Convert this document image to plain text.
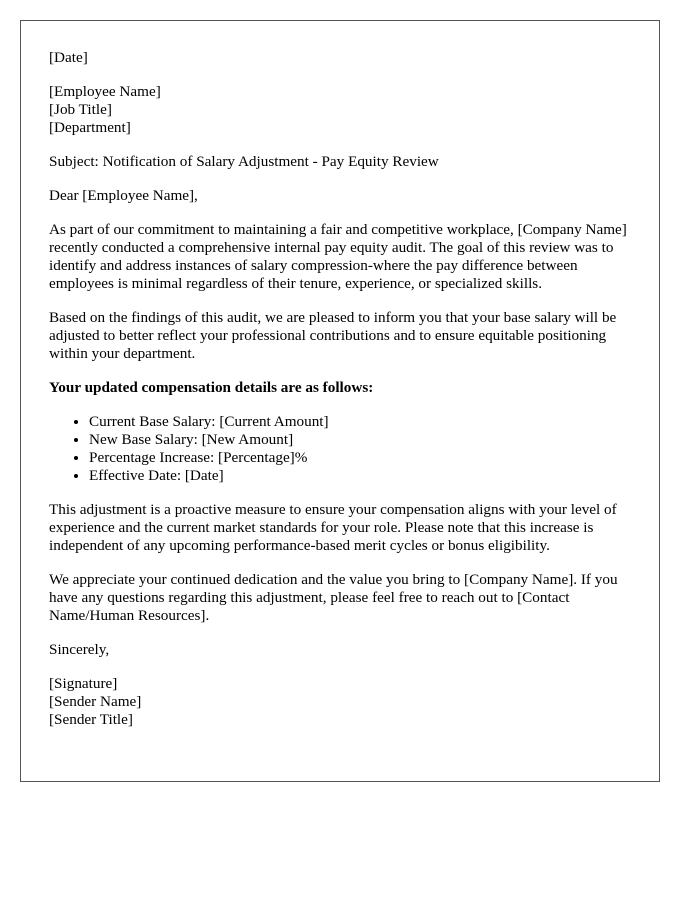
[Date]
[Employee Name]
[Job Title]
[Department]
Subject: Notification of Salary Adjustment - Pay Equity Review
Dear [Employee Name],

As part of our commitment to maintaining a fair and competitive workplace, [Company Name] recently conducted a comprehensive internal pay equity audit. The goal of this review was to identify and address instances of salary compression-where the pay difference between employees is minimal regardless of their tenure, experience, or specialized skills.

Based on the findings of this audit, we are pleased to inform you that your base salary will be adjusted to better reflect your professional contributions and to ensure equitable positioning within your department.

Your updated compensation details are as follows:
• Current Base Salary: [Current Amount]
• New Base Salary: [New Amount]
• Percentage Increase: [Percentage]%
• Effective Date: [Date]

This adjustment is a proactive measure to ensure your compensation aligns with your level of experience and the current market standards for your role. Please note that this increase is independent of any upcoming performance-based merit cycles or bonus eligibility.

We appreciate your continued dedication and the value you bring to [Company Name]. If you have any questions regarding this adjustment, please feel free to reach out to [Contact Name/Human Resources].

Sincerely,
[Signature]
[Sender Name]
[Sender Title]
